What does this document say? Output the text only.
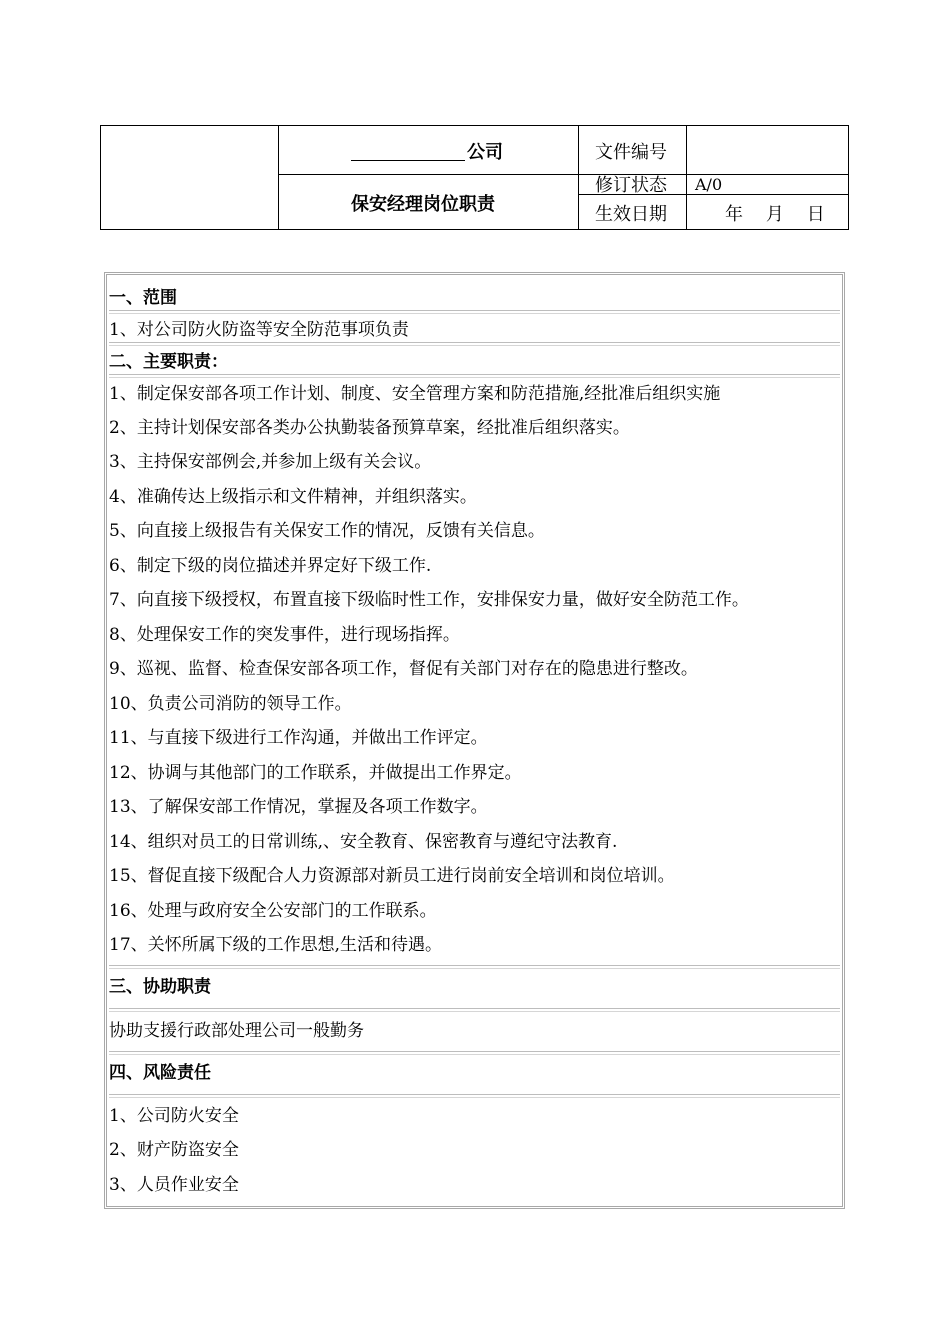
公司
保安经理岗位职责
文件编号
修订状态 A/0
生效日期	年    月    日
一、范围
1、对公司防火防盗等安全防范事项负责
二、主要职责：
1、制定保安部各项工作计划、制度、安全管理方案和防范措施,经批准后组织实施
2、主持计划保安部各类办公执勤装备预算草案，经批准后组织落实。
3、主持保安部例会,并参加上级有关会议。
4、准确传达上级指示和文件精神，并组织落实。
5、向直接上级报告有关保安工作的情况，反馈有关信息。
6、制定下级的岗位描述并界定好下级工作.
7、向直接下级授权，布置直接下级临时性工作，安排保安力量，做好安全防范工作。
8、处理保安工作的突发事件，进行现场指挥。
9、巡视、监督、检查保安部各项工作，督促有关部门对存在的隐患进行整改。
10、负责公司消防的领导工作。
11、与直接下级进行工作沟通，并做出工作评定。
12、协调与其他部门的工作联系，并做提出工作界定。
13、了解保安部工作情况，掌握及各项工作数字。
14、组织对员工的日常训练,、安全教育、保密教育与遵纪守法教育.
15、督促直接下级配合人力资源部对新员工进行岗前安全培训和岗位培训。
16、处理与政府安全公安部门的工作联系。
17、关怀所属下级的工作思想,生活和待遇。
三、协助职责
协助支援行政部处理公司一般勤务
四、风险责任
1、公司防火安全
2、财产防盗安全
3、人员作业安全
